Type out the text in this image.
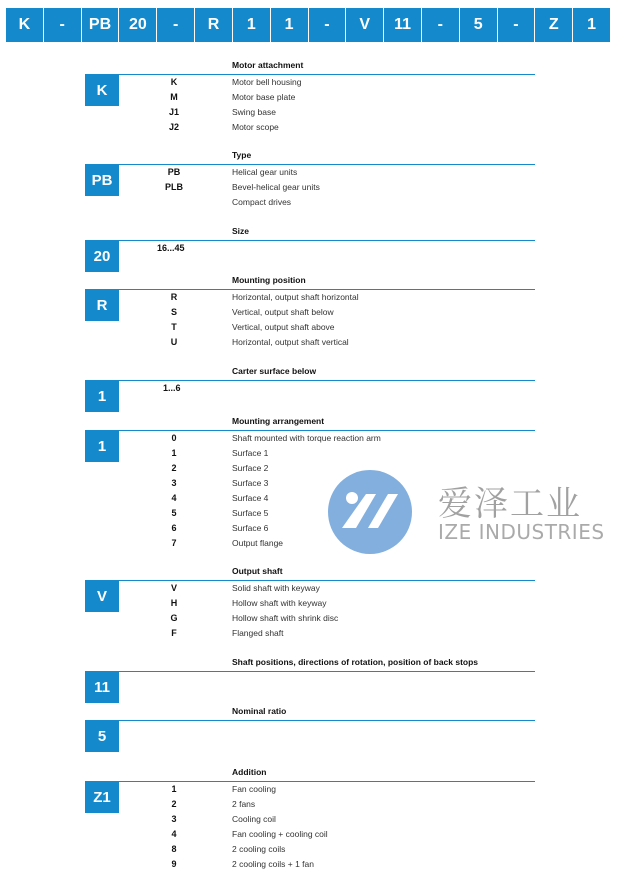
K	-	PB	20	-	R	1	1	-	V	11	-	5	-	Z	1
Motor attachment
K	K	Motor bell housing
M	Motor base plate
J1	Swing base
J2	Motor scope
Type
PB	PB	Helical gear units
PLB	Bevel-helical gear units
Compact drives
Size
20	16...45
Mounting position
R	R	Horizontal, output shaft horizontal
S	Vertical, output shaft below
T	Vertical, output shaft above
U	Horizontal, output shaft vertical
Carter surface below
1	1...6
Mounting arrangement
1	0	Shaft mounted with torque reaction arm
1	Surface 1
2	Surface 2
3	Surface 3
4	Surface 4
5	Surface 5
6	Surface 6
7	Output flange
Output shaft
V	V	Solid shaft with keyway
H	Hollow shaft with keyway
G	Hollow shaft with shrink disc
F	Flanged shaft
Shaft positions, directions of rotation, position of back stops
11
Nominal ratio
5
Addition
Z1	1	Fan cooling
2	2 fans
3	Cooling coil
4	Fan cooling + cooling coil
8	2 cooling coils
9	2 cooling coils + 1 fan
爱泽工业
IZE INDUSTRIES
